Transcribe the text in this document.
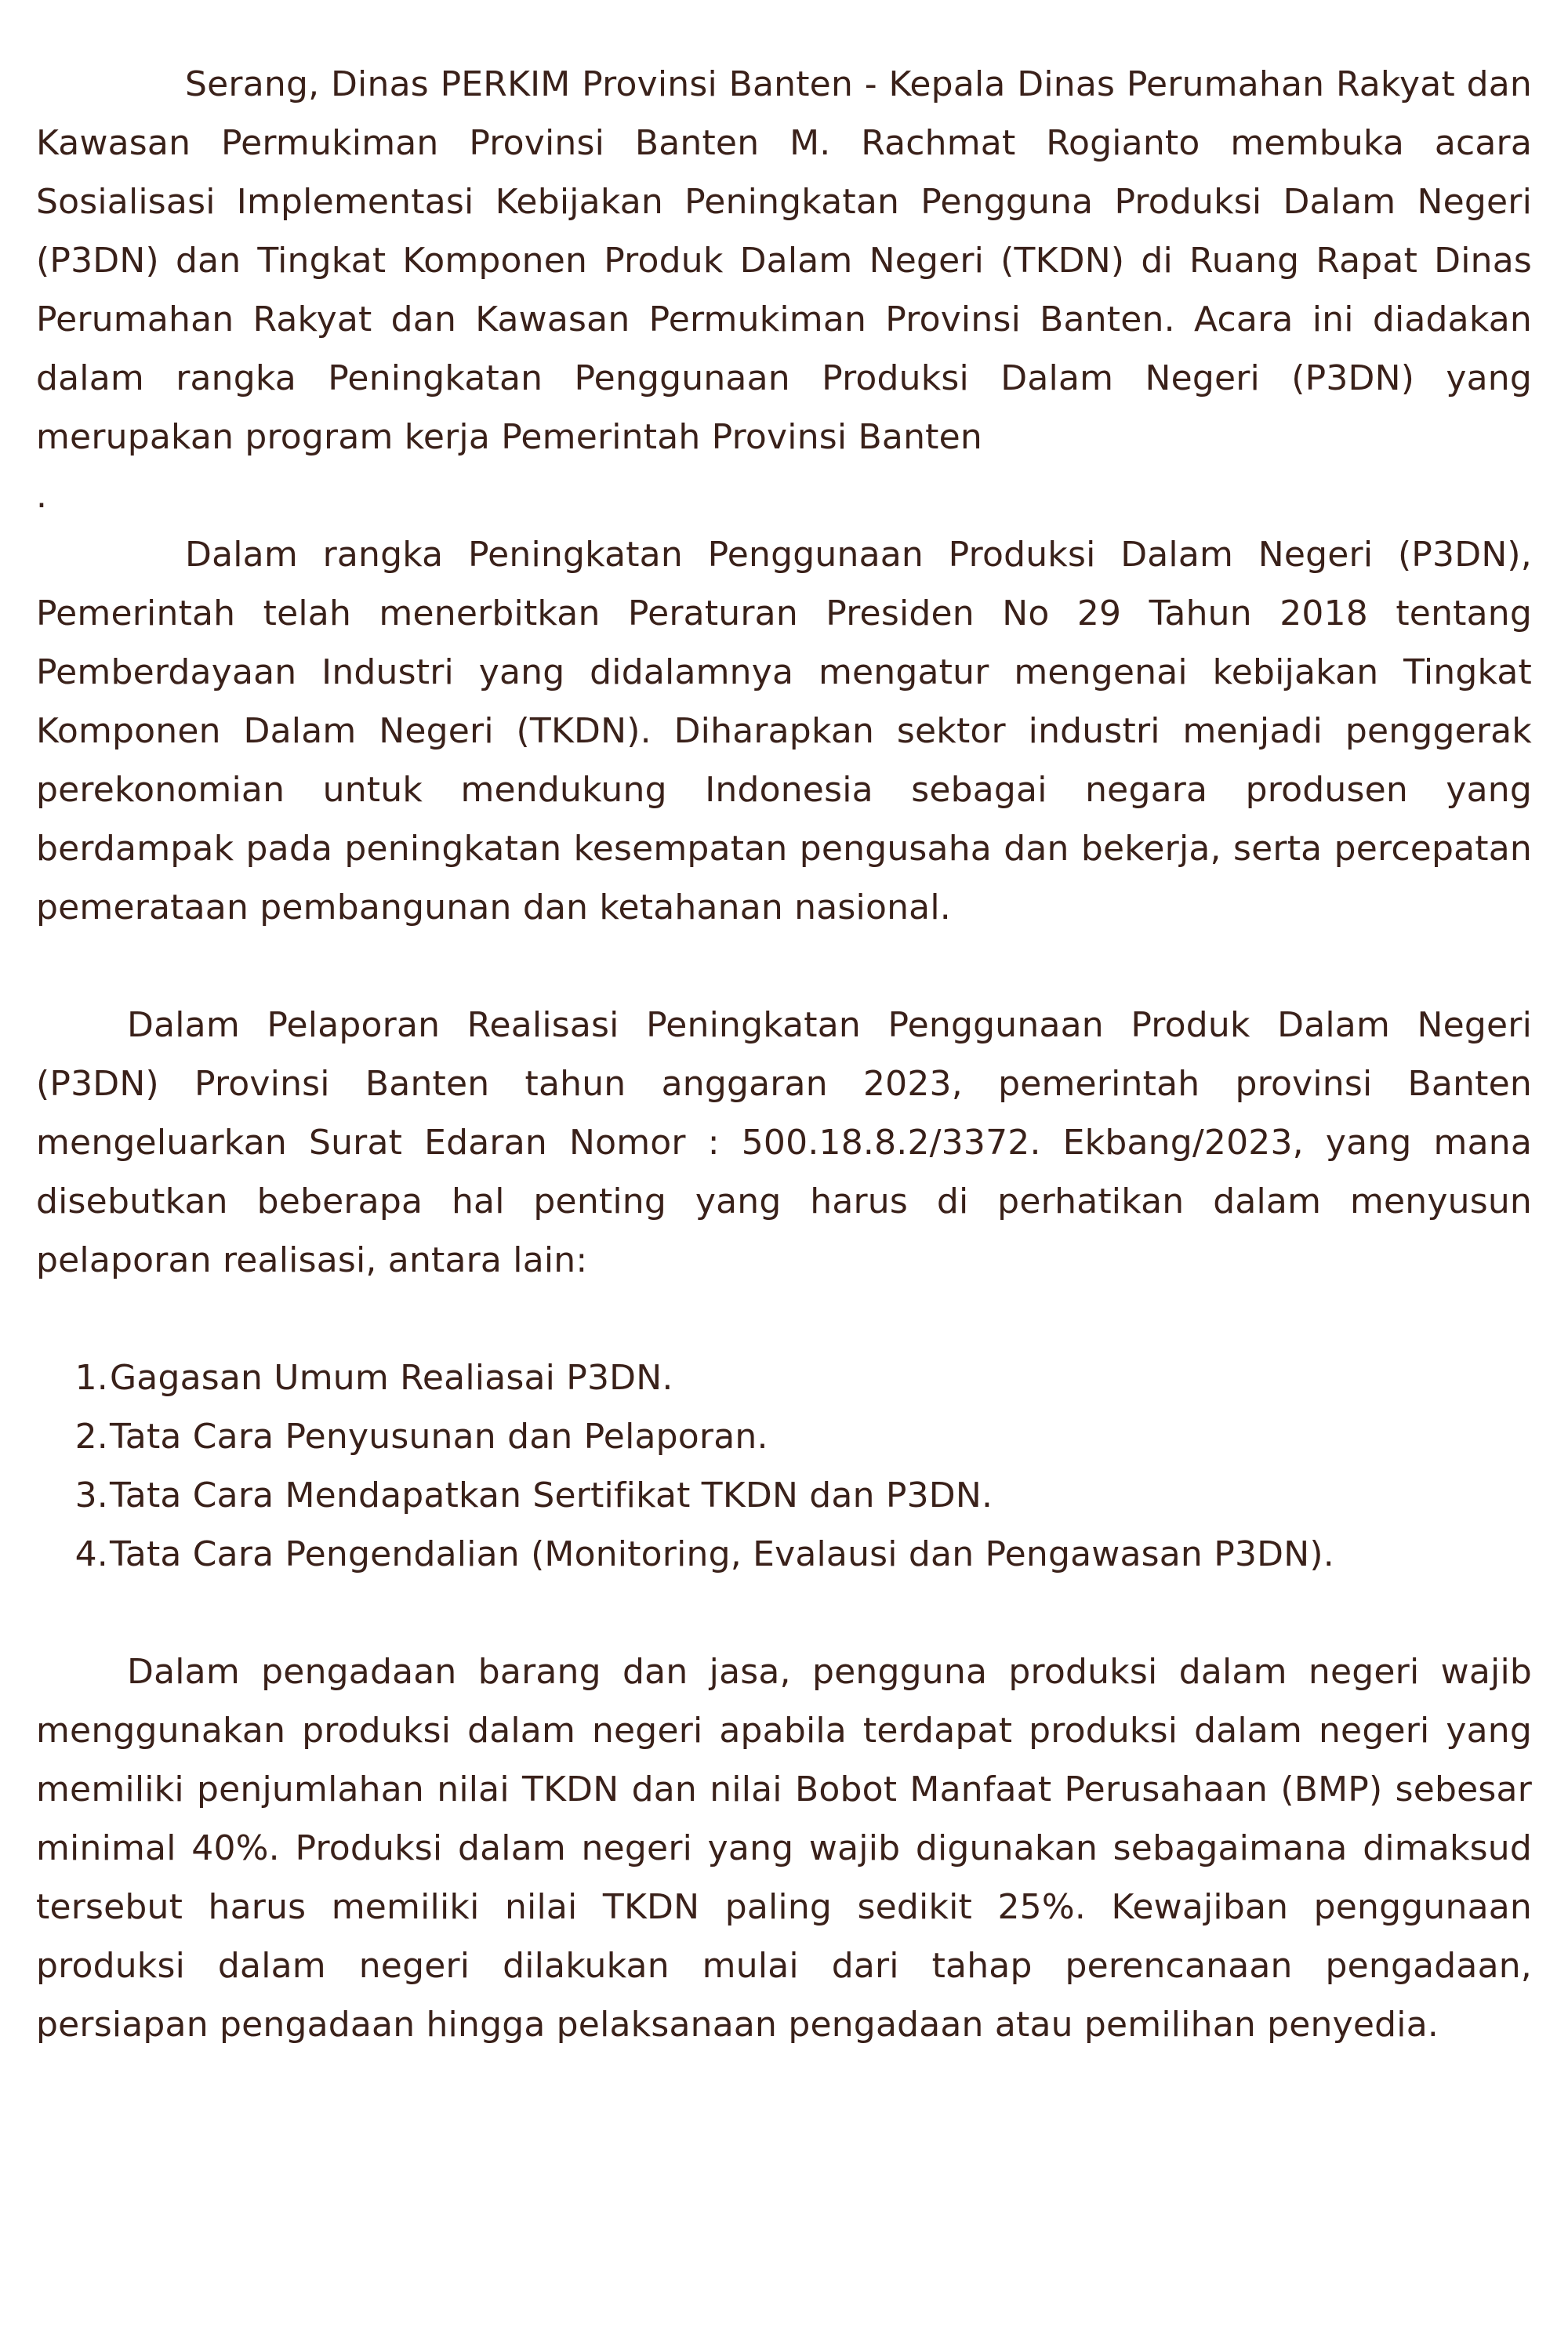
Serang, Dinas PERKIM Provinsi Banten - Kepala Dinas Perumahan Rakyat dan Kawasan Permukiman Provinsi Banten M. Rachmat Rogianto membuka acara Sosialisasi Implementasi Kebijakan Peningkatan Pengguna Produksi Dalam Negeri (P3DN) dan Tingkat Komponen Produk Dalam Negeri (TKDN) di Ruang Rapat Dinas Perumahan Rakyat dan Kawasan Permukiman Provinsi Banten. Acara ini diadakan dalam rangka Peningkatan Penggunaan Produksi Dalam Negeri (P3DN) yang merupakan program kerja Pemerintah Provinsi Banten

.

Dalam rangka Peningkatan Penggunaan Produksi Dalam Negeri (P3DN), Pemerintah telah menerbitkan Peraturan Presiden No 29 Tahun 2018 tentang Pemberdayaan Industri yang didalamnya mengatur mengenai kebijakan Tingkat Komponen Dalam Negeri (TKDN). Diharapkan sektor industri menjadi penggerak perekonomian untuk mendukung Indonesia sebagai negara produsen yang berdampak pada peningkatan kesempatan pengusaha dan bekerja, serta percepatan pemerataan pembangunan dan ketahanan nasional.

Dalam Pelaporan Realisasi Peningkatan Penggunaan Produk Dalam Negeri (P3DN) Provinsi Banten tahun anggaran 2023, pemerintah provinsi Banten mengeluarkan Surat Edaran Nomor : 500.18.8.2/3372. Ekbang/2023, yang mana disebutkan beberapa hal penting yang harus di perhatikan dalam menyusun pelaporan realisasi, antara lain:

1. Gagasan Umum Realiasai P3DN.
2. Tata Cara Penyusunan dan Pelaporan.
3. Tata Cara Mendapatkan Sertifikat TKDN dan P3DN.
4. Tata Cara Pengendalian (Monitoring, Evalausi dan Pengawasan P3DN).

Dalam pengadaan barang dan jasa, pengguna produksi dalam negeri wajib menggunakan produksi dalam negeri apabila terdapat produksi dalam negeri yang memiliki penjumlahan nilai TKDN dan nilai Bobot Manfaat Perusahaan (BMP) sebesar minimal 40%. Produksi dalam negeri yang wajib digunakan sebagaimana dimaksud tersebut harus memiliki nilai TKDN paling sedikit 25%. Kewajiban penggunaan produksi dalam negeri dilakukan mulai dari tahap perencanaan pengadaan, persiapan pengadaan hingga pelaksanaan pengadaan atau pemilihan penyedia.
